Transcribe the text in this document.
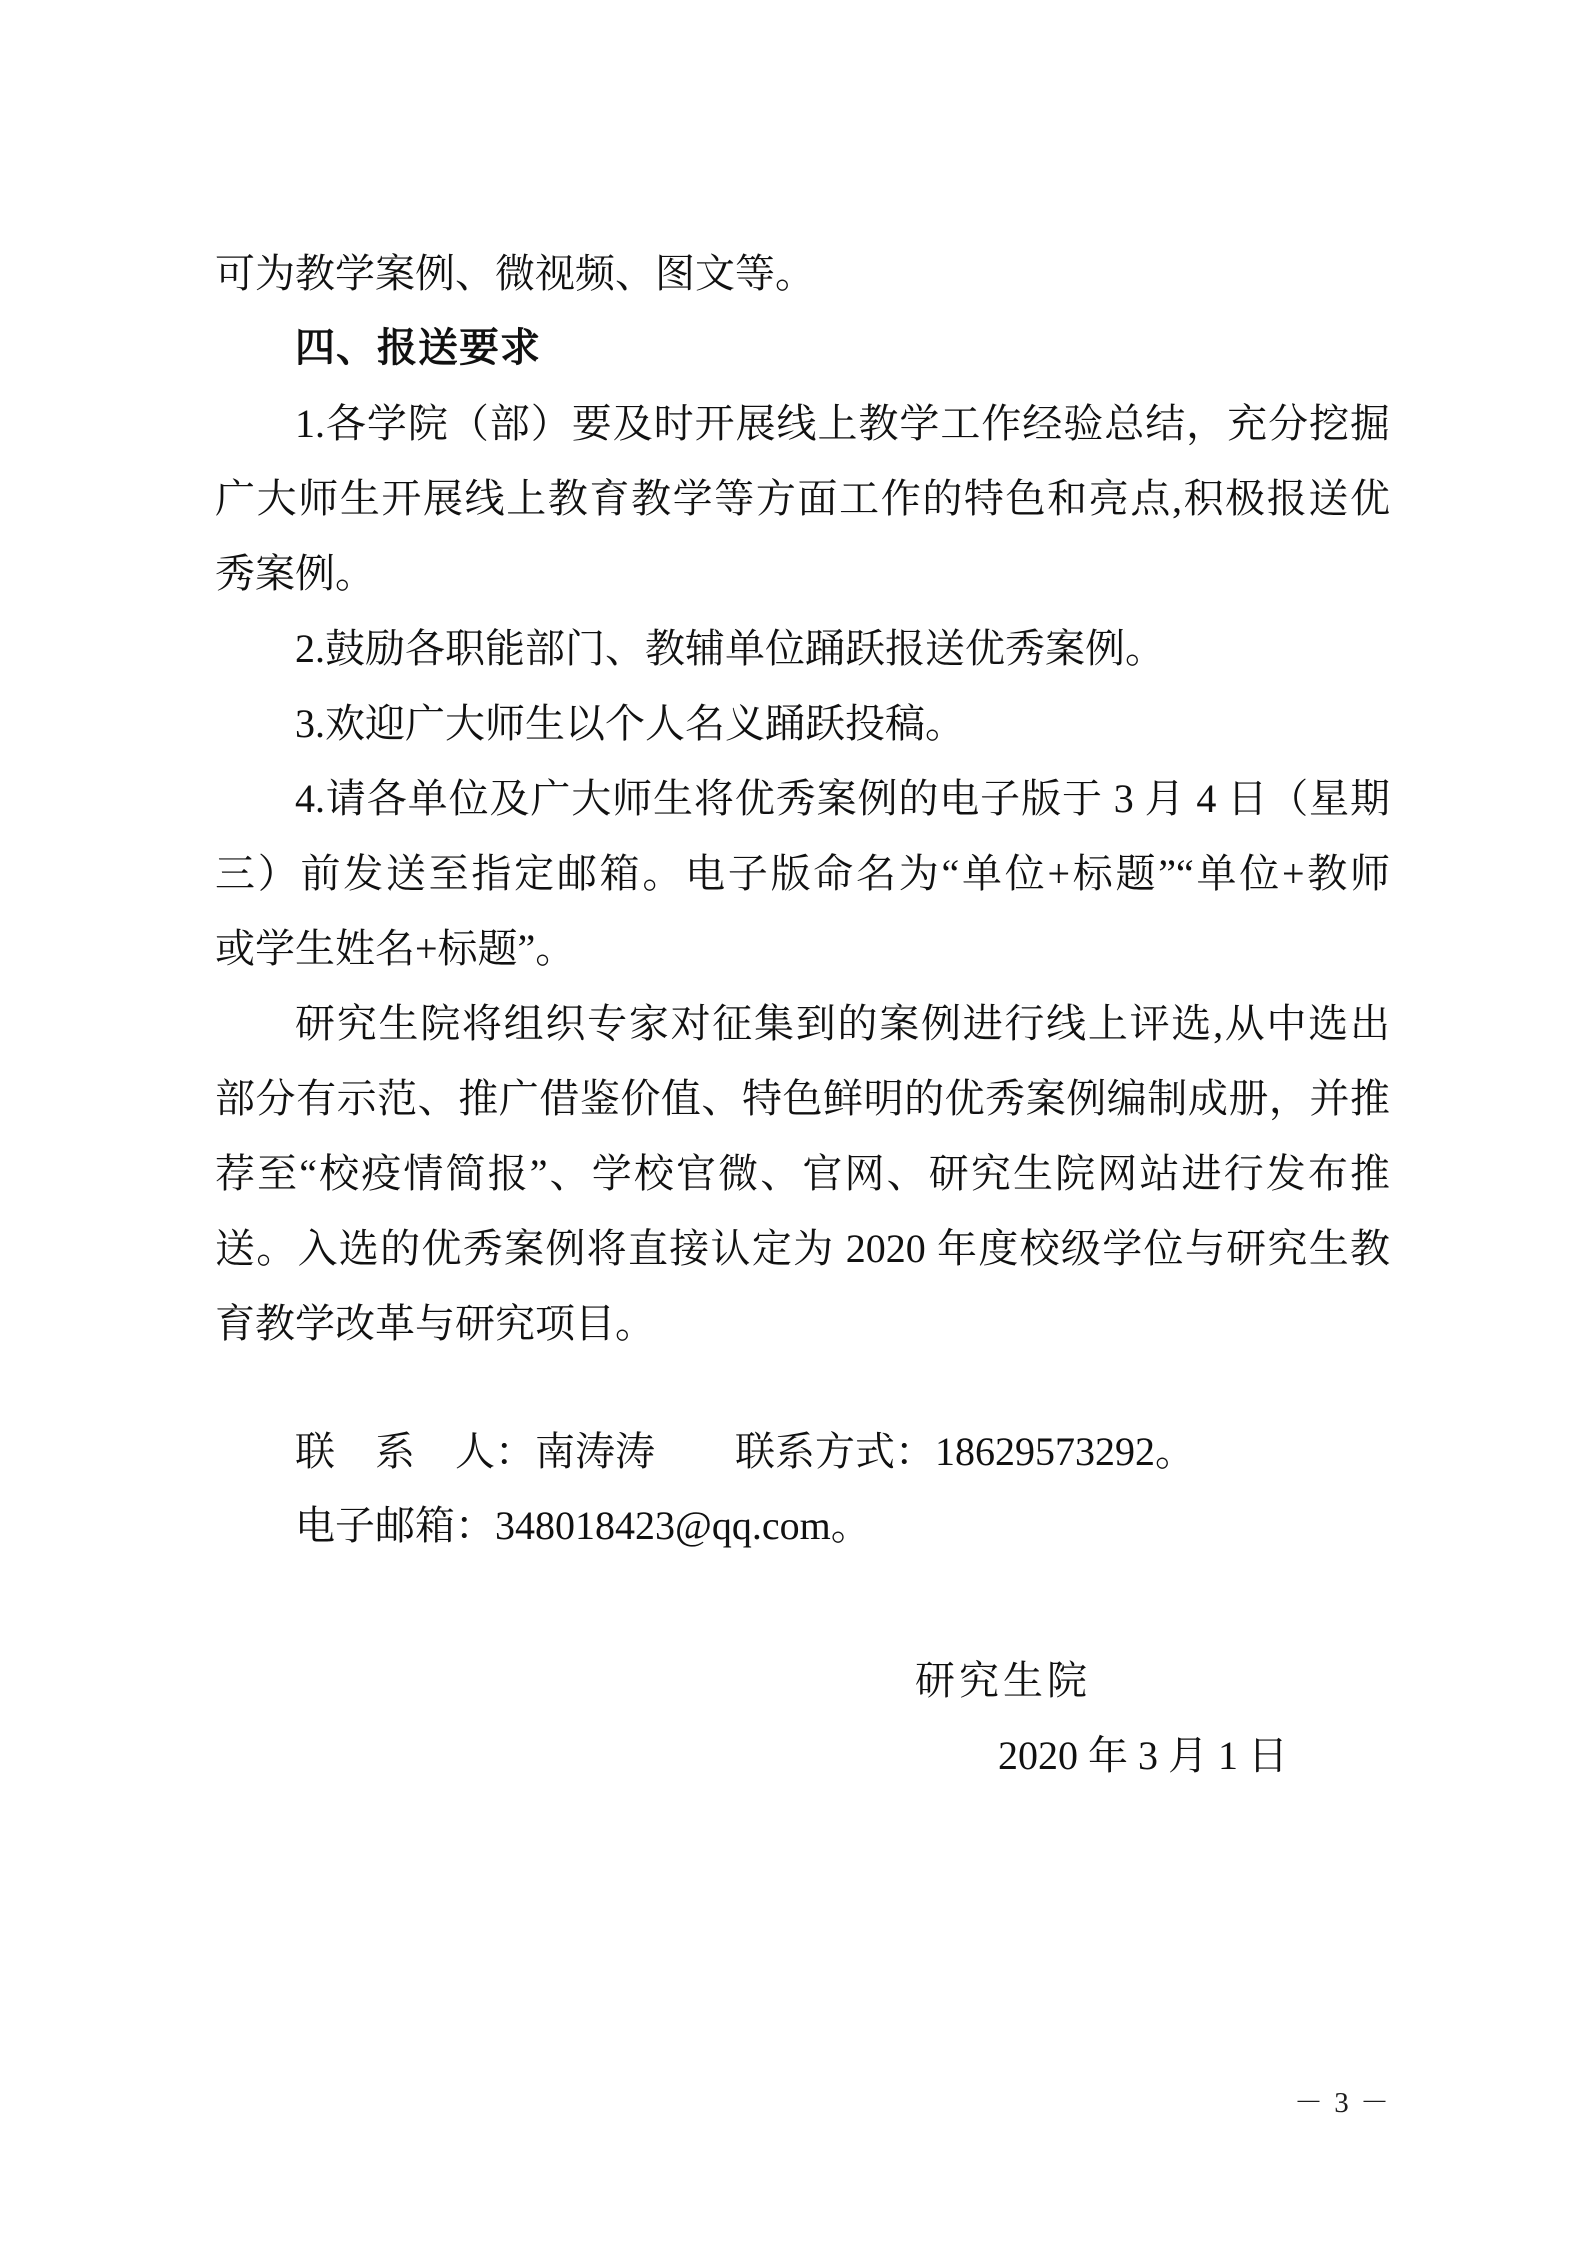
可为教学案例、微视频、图文等。
四、报送要求
1.各学院（部）要及时开展线上教学工作经验总结，充分挖掘
广大师生开展线上教育教学等方面工作的特色和亮点,积极报送优
秀案例。
2.鼓励各职能部门、教辅单位踊跃报送优秀案例。
3.欢迎广大师生以个人名义踊跃投稿。
4.请各单位及广大师生将优秀案例的电子版于 3 月 4 日（星期
三）前发送至指定邮箱。电子版命名为“单位+标题”“单位+教师
或学生姓名+标题”。
研究生院将组织专家对征集到的案例进行线上评选,从中选出
部分有示范、推广借鉴价值、特色鲜明的优秀案例编制成册，并推
荐至“校疫情简报”、学校官微、官网、研究生院网站进行发布推
送。入选的优秀案例将直接认定为 2020 年度校级学位与研究生教
育教学改革与研究项目。
联　系　人：南涛涛　　联系方式：18629573292。
电子邮箱：348018423@qq.com。
研究生院
2020 年 3 月 1 日
－ 3 －
